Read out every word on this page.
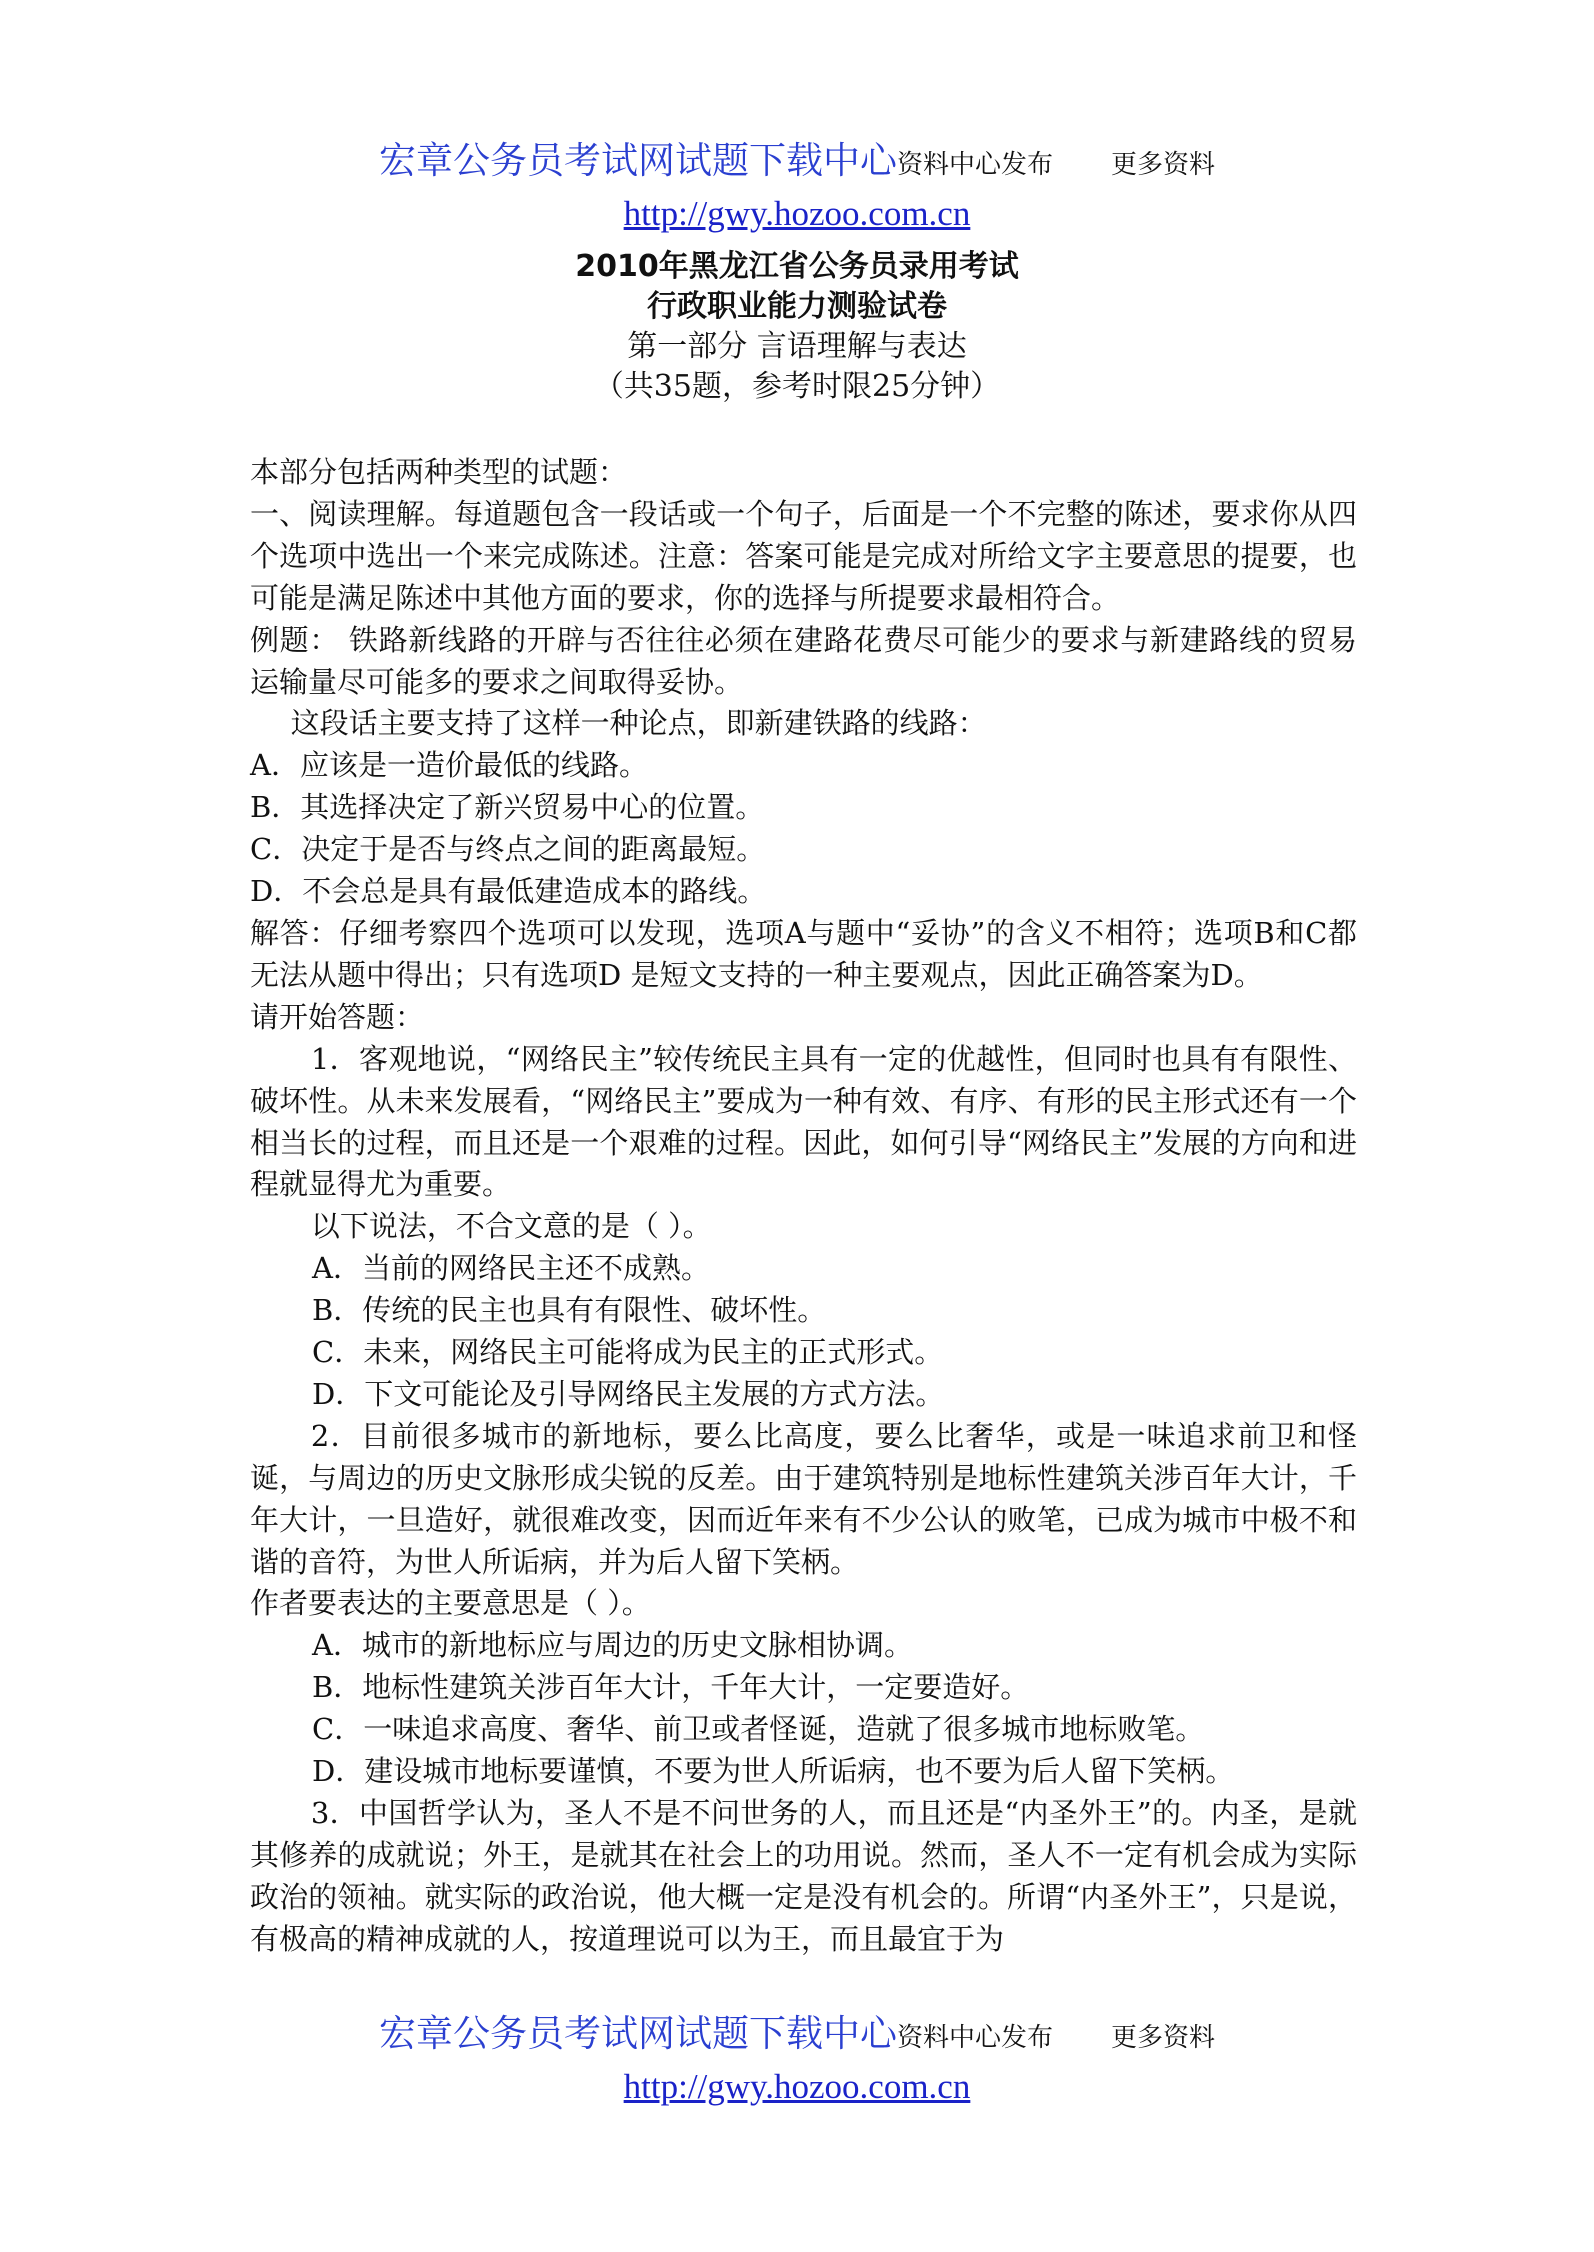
宏章公务员考试网试题下载中心 资料中心发布 更多资料
http://gwy.hozoo.com.cn
2010年黑龙江省公务员录用考试
行政职业能力测验试卷
第一部分 言语理解与表达
（共35题，参考时限25分钟）

本部分包括两种类型的试题：

一、阅读理解。每道题包含一段话或一个句子，后面是一个不完整的陈述，要求你从四个选项中选出一个来完成陈述。注意：答案可能是完成对所给文字主要意思的提要，也可能是满足陈述中其他方面的要求，你的选择与所提要求最相符合。

例题： 铁路新线路的开辟与否往往必须在建路花费尽可能少的要求与新建路线的贸易运输量尽可能多的要求之间取得妥协。

这段话主要支持了这样一种论点，即新建铁路的线路：

A．应该是一造价最低的线路。

B．其选择决定了新兴贸易中心的位置。

C．决定于是否与终点之间的距离最短。

D．不会总是具有最低建造成本的路线。

解答：仔细考察四个选项可以发现，选项A与题中“妥协”的含义不相符；选项B和C都无法从题中得出；只有选项D 是短文支持的一种主要观点，因此正确答案为D。

请开始答题：

1．客观地说，“网络民主”较传统民主具有一定的优越性，但同时也具有有限性、破坏性。从未来发展看，“网络民主”要成为一种有效、有序、有形的民主形式还有一个相当长的过程，而且还是一个艰难的过程。因此，如何引导“网络民主”发展的方向和进程就显得尤为重要。

以下说法，不合文意的是（ ）。

A．当前的网络民主还不成熟。

B．传统的民主也具有有限性、破坏性。

C．未来，网络民主可能将成为民主的正式形式。

D．下文可能论及引导网络民主发展的方式方法。

2．目前很多城市的新地标，要么比高度，要么比奢华，或是一味追求前卫和怪诞，与周边的历史文脉形成尖锐的反差。由于建筑特别是地标性建筑关涉百年大计，千年大计，一旦造好，就很难改变，因而近年来有不少公认的败笔，已成为城市中极不和谐的音符，为世人所诟病，并为后人留下笑柄。

作者要表达的主要意思是（ ）。

A．城市的新地标应与周边的历史文脉相协调。

B．地标性建筑关涉百年大计，千年大计，一定要造好。

C．一味追求高度、奢华、前卫或者怪诞，造就了很多城市地标败笔。

D．建设城市地标要谨慎，不要为世人所诟病，也不要为后人留下笑柄。

3．中国哲学认为，圣人不是不问世务的人，而且还是“内圣外王”的。内圣，是就其修养的成就说；外王，是就其在社会上的功用说。然而，圣人不一定有机会成为实际政治的领袖。就实际的政治说，他大概一定是没有机会的。所谓“内圣外王”，只是说，有极高的精神成就的人，按道理说可以为王，而且最宜于为

宏章公务员考试网试题下载中心 资料中心发布 更多资料
http://gwy.hozoo.com.cn
